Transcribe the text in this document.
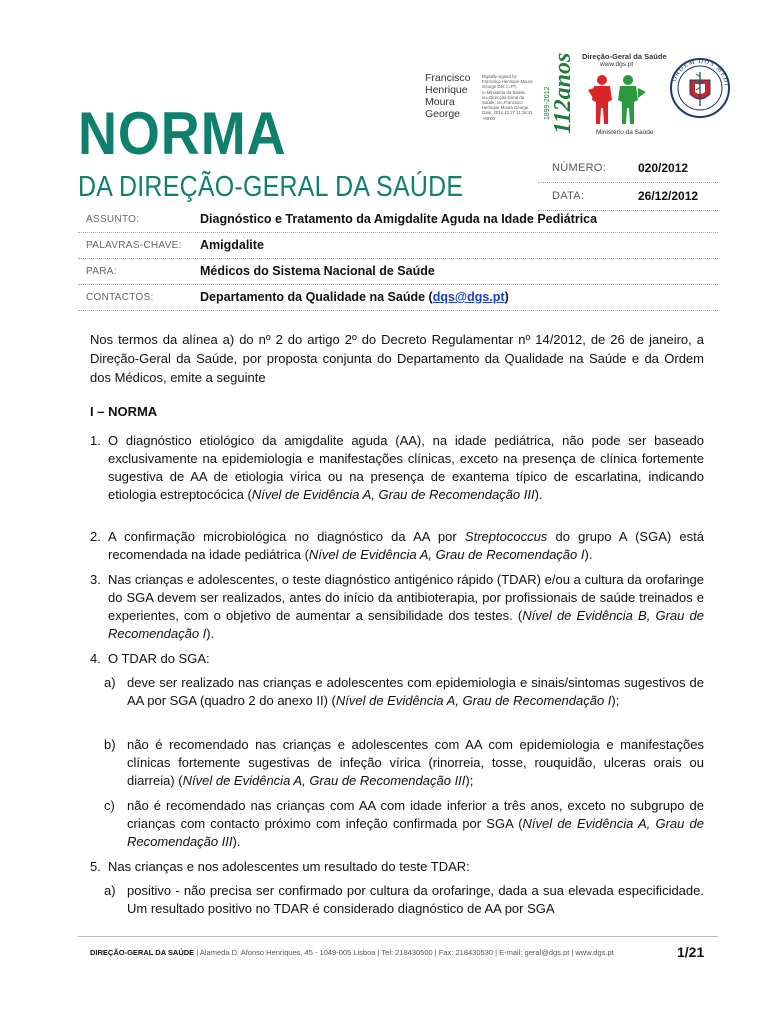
NORMA
DA DIREÇÃO-GERAL DA SAÚDE
Francisco
Henrique
Moura
George
Digitally signed by Francisco Henrique Moura George DN: c=PT, o=Ministério da Saúde, ou=Direcção-Geral da Saúde, cn=Francisco Henrique Moura George Date: 2012.12.27 11:18:41 +00'00'	112anos
1899-2012
Direção-Geral da Saúde
www.dgs.pt
Ministério da Saúde
ORDEM DOS MÉDI
NÚMERO:	020/2012
DATA:	26/12/2012
ASSUNTO:	Diagnóstico e Tratamento da Amigdalite Aguda na Idade Pediátrica
PALAVRAS-CHAVE: Amigdalite
PARA:	Médicos do Sistema Nacional de Saúde
CONTACTOS:	Departamento da Qualidade na Saúde (dqs@dgs.pt)
Nos termos da alínea a) do nº 2 do artigo 2º do Decreto Regulamentar nº 14/2012, de 26 de janeiro, a Direção-Geral da Saúde, por proposta conjunta do Departamento da Qualidade na Saúde e da Ordem dos Médicos, emite a seguinte
I – NORMA
1. O diagnóstico etiológico da amigdalite aguda (AA), na idade pediátrica, não pode ser baseado exclusivamente na epidemiologia e manifestações clínicas, exceto na presença de clínica fortemente sugestiva de AA de etiologia vírica ou na presença de exantema típico de escarlatina, indicando etiologia estreptocócica (Nível de Evidência A, Grau de Recomendação III).
2. A confirmação microbiológica no diagnóstico da AA por Streptococcus do grupo A (SGA) está recomendada na idade pediátrica (Nível de Evidência A, Grau de Recomendação I).
3. Nas crianças e adolescentes, o teste diagnóstico antigénico rápido (TDAR) e/ou a cultura da orofaringe do SGA devem ser realizados, antes do início da antibioterapia, por profissionais de saúde treinados e experientes, com o objetivo de aumentar a sensibilidade dos testes. (Nível de Evidência B, Grau de Recomendação I).
4. O TDAR do SGA:
a) deve ser realizado nas crianças e adolescentes com epidemiologia e sinais/sintomas sugestivos de AA por SGA (quadro 2 do anexo II) (Nível de Evidência A, Grau de Recomendação I);
b) não é recomendado nas crianças e adolescentes com AA com epidemiologia e manifestações clínicas fortemente sugestivas de infeção vírica (rinorreia, tosse, rouquidão, ulceras orais ou diarreia) (Nível de Evidência A, Grau de Recomendação III);
c) não é recomendado nas crianças com AA com idade inferior a três anos, exceto no subgrupo de crianças com contacto próximo com infeção confirmada por SGA (Nível de Evidência A, Grau de Recomendação III).
5. Nas crianças e nos adolescentes um resultado do teste TDAR:
a) positivo - não precisa ser confirmado por cultura da orofaringe, dada a sua elevada especificidade. Um resultado positivo no TDAR é considerado diagnóstico de AA por SGA
DIREÇÃO-GERAL DA SAÚDE | Alameda D. Afonso Henriques, 45 - 1049-005 Lisboa | Tel: 218430500 | Fax: 218430530 | E-mail: geral@dgs.pt | www.dgs.pt	1/21
